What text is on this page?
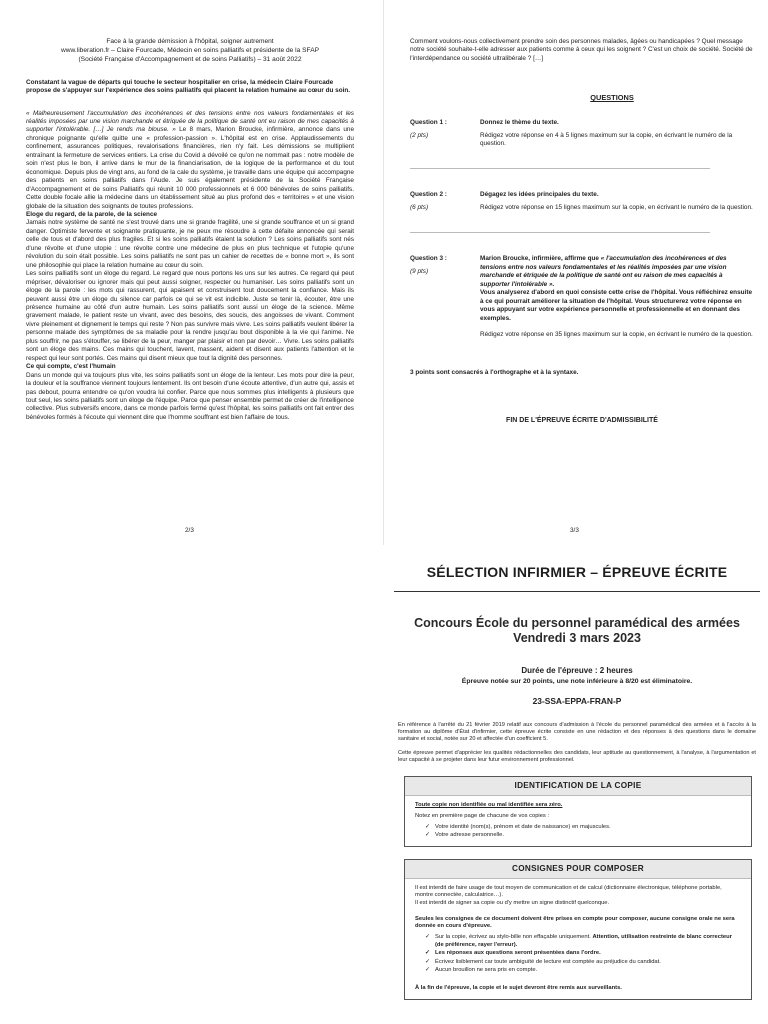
Face à la grande démission à l'hôpital, soigner autrement
www.liberation.fr – Claire Fourcade, Médecin en soins palliatifs et présidente de la SFAP
(Société Française d'Accompagnement et de soins Palliatifs) – 31 août 2022
Constatant la vague de départs qui touche le secteur hospitalier en crise, la médecin Claire Fourcade propose de s'appuyer sur l'expérience des soins palliatifs qui placent la relation humaine au cœur du soin.

« Malheureusement l'accumulation des incohérences et des tensions entre nos valeurs fondamentales et les réalités imposées par une vision marchande et étriquée de la politique de santé ont eu raison de mes capacités à supporter l'intolérable. […] Je rends ma blouse. » Le 8 mars, Marion Broucke, infirmière, annonce dans une chronique poignante qu'elle quitte une « profession-passion ». L'hôpital est en crise. Applaudissements du confinement, assurances politiques, revalorisations financières, rien n'y fait. Les démissions se multiplient entraînant la fermeture de services entiers. La crise du Covid a dévoilé ce qu'on ne nommait pas : notre modèle de soin n'est plus le bon, il arrive dans le mur de la financiarisation, de la logique de la performance et du tout économique. Depuis plus de vingt ans, au fond de la cale du système, je travaille dans une équipe qui accompagne des patients en soins palliatifs dans l'Aude. Je suis également présidente de la Société Française d'Accompagnement et de soins Palliatifs qui réunit 10 000 professionnels et 6 000 bénévoles de soins palliatifs. Cette double focale allie la médecine dans un établissement situé au plus profond des « territoires » et une vision globale de la situation des soignants de toutes professions.

Eloge du regard, de la parole, de la science

Jamais notre système de santé ne s'est trouvé dans une si grande fragilité, une si grande souffrance et un si grand danger. Optimiste fervente et soignante pratiquante, je ne peux me résoudre à cette défaite annoncée qui serait celle de tous et d'abord des plus fragiles. Et si les soins palliatifs étaient la solution ? Les soins palliatifs sont nés d'une révolte et d'une utopie : une révolte contre une médecine de plus en plus technique et l'utopie qu'une révolution du soin était possible. Les soins palliatifs ne sont pas un cahier de recettes de « bonne mort », ils sont une philosophie qui place la relation humaine au cœur du soin.

Les soins palliatifs sont un éloge du regard. Le regard que nous portons les uns sur les autres. Ce regard qui peut mépriser, dévaloriser ou ignorer mais qui peut aussi soigner, respecter ou humaniser. Les soins palliatifs sont un éloge de la parole : les mots qui rassurent, qui apaisent et construisent tout doucement la confiance. Mais ils peuvent aussi être un éloge du silence car parfois ce qui se vit est indicible. Juste se tenir là, écouter, être une présence humaine au côté d'un autre humain. Les soins palliatifs sont aussi un éloge de la science. Même gravement malade, le patient reste un vivant, avec des besoins, des soucis, des angoisses de vivant. Comment vivre pleinement et dignement le temps qui reste ? Non pas survivre mais vivre. Les soins palliatifs veulent libérer la personne malade des symptômes de sa maladie pour la rendre jusqu'au bout disponible à la vie qui l'anime. Ne plus souffrir, ne pas s'étouffer, se libérer de la peur, manger par plaisir et non par devoir… Vivre. Les soins palliatifs sont un éloge des mains. Ces mains qui touchent, lavent, massent, aident et disent aux patients l'attention et le respect qui leur sont portés. Ces mains qui disent mieux que tout la dignité des personnes.

Ce qui compte, c'est l'humain

Dans un monde qui va toujours plus vite, les soins palliatifs sont un éloge de la lenteur. Les mots pour dire la peur, la douleur et la souffrance viennent toujours lentement. Ils ont besoin d'une écoute attentive, d'un autre qui, assis et pas debout, pourra entendre ce qu'on voudra lui confier. Parce que nous sommes plus intelligents à plusieurs que tout seul, les soins palliatifs sont un éloge de l'équipe. Parce que penser ensemble permet de créer de l'intelligence collective. Plus subversifs encore, dans ce monde parfois fermé qu'est l'hôpital, les soins palliatifs ont fait entrer des bénévoles formés à l'écoute qui viennent dire que l'homme souffrant est bien l'affaire de tous.

2/3
Comment voulons-nous collectivement prendre soin des personnes malades, âgées ou handicapées ? Quel message notre société souhaite-t-elle adresser aux patients comme à ceux qui les soignent ? C'est un choix de société. Société de l'interdépendance ou société ultralibérale ? […]
QUESTIONS
Question 1 :
(2 pts)
Donnez le thème du texte.
Rédigez votre réponse en 4 à 5 lignes maximum sur la copie, en écrivant le numéro de la question.
Question 2 :
(6 pts)
Dégagez les idées principales du texte.
Rédigez votre réponse en 15 lignes maximum sur la copie, en écrivant le numéro de la question.
Question 3 :
(9 pts)
Marion Broucke, infirmière, affirme que « l'accumulation des incohérences et des tensions entre nos valeurs fondamentales et les réalités imposées par une vision marchande et étriquée de la politique de santé ont eu raison de mes capacités à supporter l'intolérable ».
Vous analyserez d'abord en quoi consiste cette crise de l'hôpital. Vous réfléchirez ensuite à ce qui pourrait améliorer la situation de l'hôpital. Vous structurerez votre réponse en vous appuyant sur votre expérience personnelle et professionnelle et en donnant des exemples.
Rédigez votre réponse en 35 lignes maximum sur la copie, en écrivant le numéro de la question.
3 points sont consacrés à l'orthographe et à la syntaxe.
FIN DE L'ÉPREUVE ÉCRITE D'ADMISSIBILITÉ
3/3
SÉLECTION INFIRMIER – ÉPREUVE ÉCRITE
Concours École du personnel paramédical des armées
Vendredi 3 mars 2023
Durée de l'épreuve : 2 heures
Épreuve notée sur 20 points, une note inférieure à 8/20 est éliminatoire.
23-SSA-EPPA-FRAN-P
En référence à l'arrêté du 21 février 2019 relatif aux concours d'admission à l'école du personnel paramédical des armées et à l'accès à la formation au diplôme d'État d'infirmier, cette épreuve écrite consiste en une rédaction et des réponses à des questions dans le domaine sanitaire et social, notée sur 20 et affectée d'un coefficient 5.
Cette épreuve permet d'apprécier les qualités rédactionnelles des candidats, leur aptitude au questionnement, à l'analyse, à l'argumentation et leur capacité à se projeter dans leur futur environnement professionnel.
IDENTIFICATION DE LA COPIE
Toute copie non identifiée ou mal identifiée sera zéro.

Notez en première page de chacune de vos copies :

✓ Votre identité (nom(s), prénom et date de naissance) en majuscules.
✓ Votre adresse personnelle.
CONSIGNES POUR COMPOSER

Il est interdit de faire usage de tout moyen de communication et de calcul (dictionnaire électronique, téléphone portable, montre connectée, calculatrice…).

Il est interdit de signer sa copie ou d'y mettre un signe distinctif quelconque.

Seules les consignes de ce document doivent être prises en compte pour composer, aucune consigne orale ne sera donnée en cours d'épreuve.

✓ Sur la copie, écrivez au stylo-bille non effaçable uniquement. Attention, utilisation restreinte de blanc correcteur (de préférence, rayer l'erreur).
✓ Les réponses aux questions seront présentées dans l'ordre.
✓ Écrivez lisiblement car toute ambiguïté de lecture est comptée au préjudice du candidat.
✓ Aucun brouillon ne sera pris en compte.
À la fin de l'épreuve, la copie et le sujet devront être remis aux surveillants.
